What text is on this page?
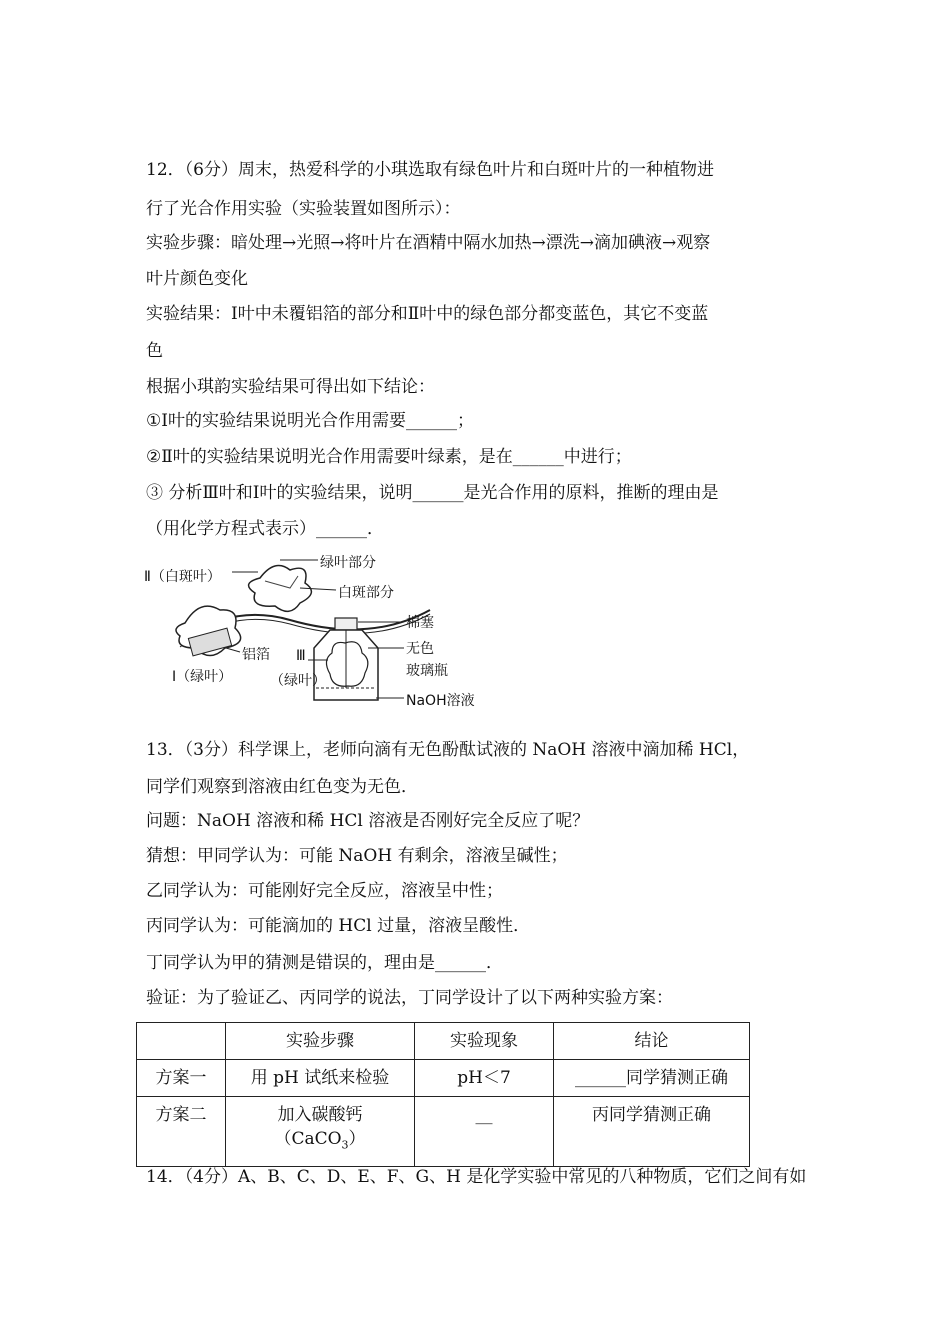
12．（6分）周末，热爱科学的小琪选取有绿色叶片和白斑叶片的一种植物进
行了光合作用实验（实验装置如图所示）：
实验步骤：暗处理→光照→将叶片在酒精中隔水加热→漂洗→滴加碘液→观察
叶片颜色变化
实验结果：Ⅰ叶中未覆铝箔的部分和Ⅱ叶中的绿色部分都变蓝色，其它不变蓝
色
根据小琪韵实验结果可得出如下结论：
①Ⅰ叶的实验结果说明光合作用需要______；
②Ⅱ叶的实验结果说明光合作用需要叶绿素，是在______中进行；
③ 分析Ⅲ叶和Ⅰ叶的实验结果，说明______是光合作用的原料，推断的理由是
（用化学方程式表示）______．
Ⅱ（白斑叶）
绿叶部分
白斑部分
棉塞
无色
玻璃瓶
铝箔 Ⅲ
Ⅰ（绿叶）	（绿叶）
NaOH溶液
13．（3分）科学课上，老师向滴有无色酚酞试液的 NaOH 溶液中滴加稀 HCl，
同学们观察到溶液由红色变为无色．
问题：NaOH 溶液和稀 HCl 溶液是否刚好完全反应了呢？
猜想：甲同学认为：可能 NaOH 有剩余，溶液呈碱性；
乙同学认为：可能刚好完全反应，溶液呈中性；
丙同学认为：可能滴加的 HCl 过量，溶液呈酸性．
丁同学认为甲的猜测是错误的，理由是______．
验证：为了验证乙、丙同学的说法，丁同学设计了以下两种实验方案：
	实验步骤	实验现象	结论
方案一	用 pH 试纸来检验	pH＜7	______同学猜测正确
方案二	加入碳酸钙
（CaCO$_3$）	__	丙同学猜测正确
14．（4分）A、B、C、D、E、F、G、H 是化学实验中常见的八种物质，它们之间有如
